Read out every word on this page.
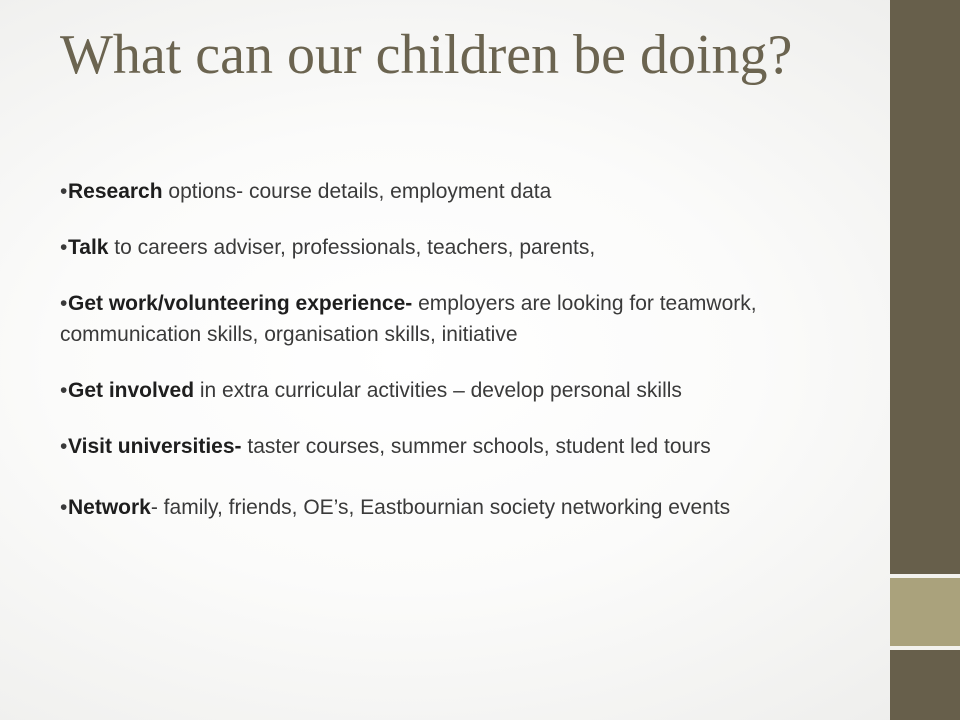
What can our children be doing?
•Research options- course details, employment data
•Talk to careers adviser, professionals, teachers, parents,
•Get work/volunteering experience- employers are looking for teamwork, communication skills, organisation skills, initiative
•Get involved in extra curricular activities – develop personal skills
•Visit universities- taster courses, summer schools, student led tours
•Network- family, friends, OE’s, Eastbournian society networking events
